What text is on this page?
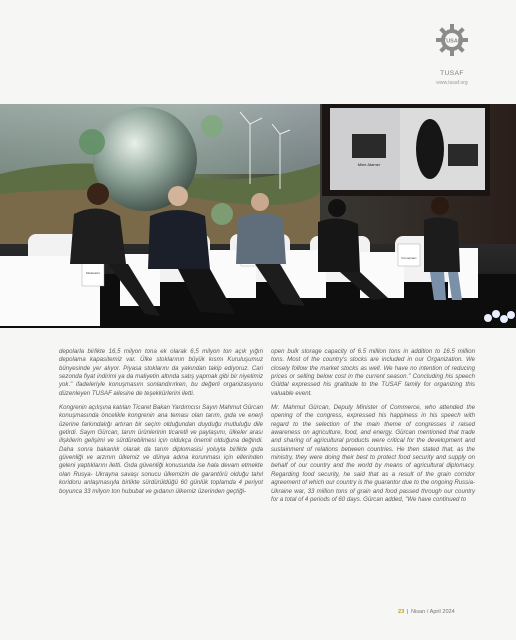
TUSAF
TUSAF
www.tusaf.org
Mine Atamer
Moderatör
Konuşmacı

depolarla birlikte 16,5 milyon tona ek olarak 6,5 milyon ton açık yığın depolama kapasitemiz var. Ülke stoklarının büyük kısmı Kuruluşumuz bünyesinde yer alıyor. Piyasa stoklarını da yakından takip ediyoruz. Cari sezonda fiyat indirimi ya da maliyetin altında satış yapmak gibi bir niyetimiz yok." ifadeleriyle konuşmasını sonlandırırken, bu değerli organizasyonu düzenleyen TUSAF ailesine de teşekkürlerini iletti.

Kongrenin açılışına katılan Ticaret Bakan Yardımcısı Sayın Mahmut Gürcan konuşmasında öncelikle kongrenin ana teması olan tarım, gıda ve enerji üzerine farkındalığı artıran bir seçim olduğundan duyduğu mutluluğu dile getirdi. Sayın Gürcan, tarım ürünlerinin ticaretli ve paylaşımı, ülkeler arası ilişkilerin gelişimi ve sürdürebilmesi için oldukça önemli olduğuna değindi. Daha sonra bakanlık olarak da tarım diplomasisi yoluyla birlikte gıda güvenliği ve arzının ülkemiz ve dünya adına korunması için ellerinden geleni yaptıklarını iletti. Gıda güvenliği konusunda ise hala devam etmekte olan Rusya- Ukrayna savaşı sonucu ülkemizin de garantörü olduğu tahıl koridoru anlaşmasıyla birlikte sürdürüldüğü 60 günlük toplamda 4 periyot boyunca 33 milyon ton hububat ve gıdanın ülkemiz üzerinden geçtiği-

open bulk storage capacity of 6.5 million tons in addition to 16.5 million tons. Most of the country's stocks are included in our Organization. We closely follow the market stocks as well. We have no intention of reducing prices or selling below cost in the current season." Concluding his speech Güldal expressed his gratitude to the TUSAF family for organizing this valuable event.

Mr. Mahmut Gürcan, Deputy Minister of Commerce, who attended the opening of the congress, expressed his happiness in his speech with regard to the selection of the main theme of congresses it raised awareness on agriculture, food, and energy. Gürcan mentioned that trade and sharing of agricultural products were critical for the development and sustainment of relations between countries. He then stated that, as the ministry, they were doing their best to protect food security and supply on behalf of our country and the world by means of agricultural diplomacy. Regarding food security, he said that as a result of the grain corridor agreement of which our country is the guarantor due to the ongoing Russia-Ukraine war, 33 million tons of grain and food passed through our country for a total of 4 periods of 60 days. Gürcan added, "We have continued to

23 | Nisan / April 2024
